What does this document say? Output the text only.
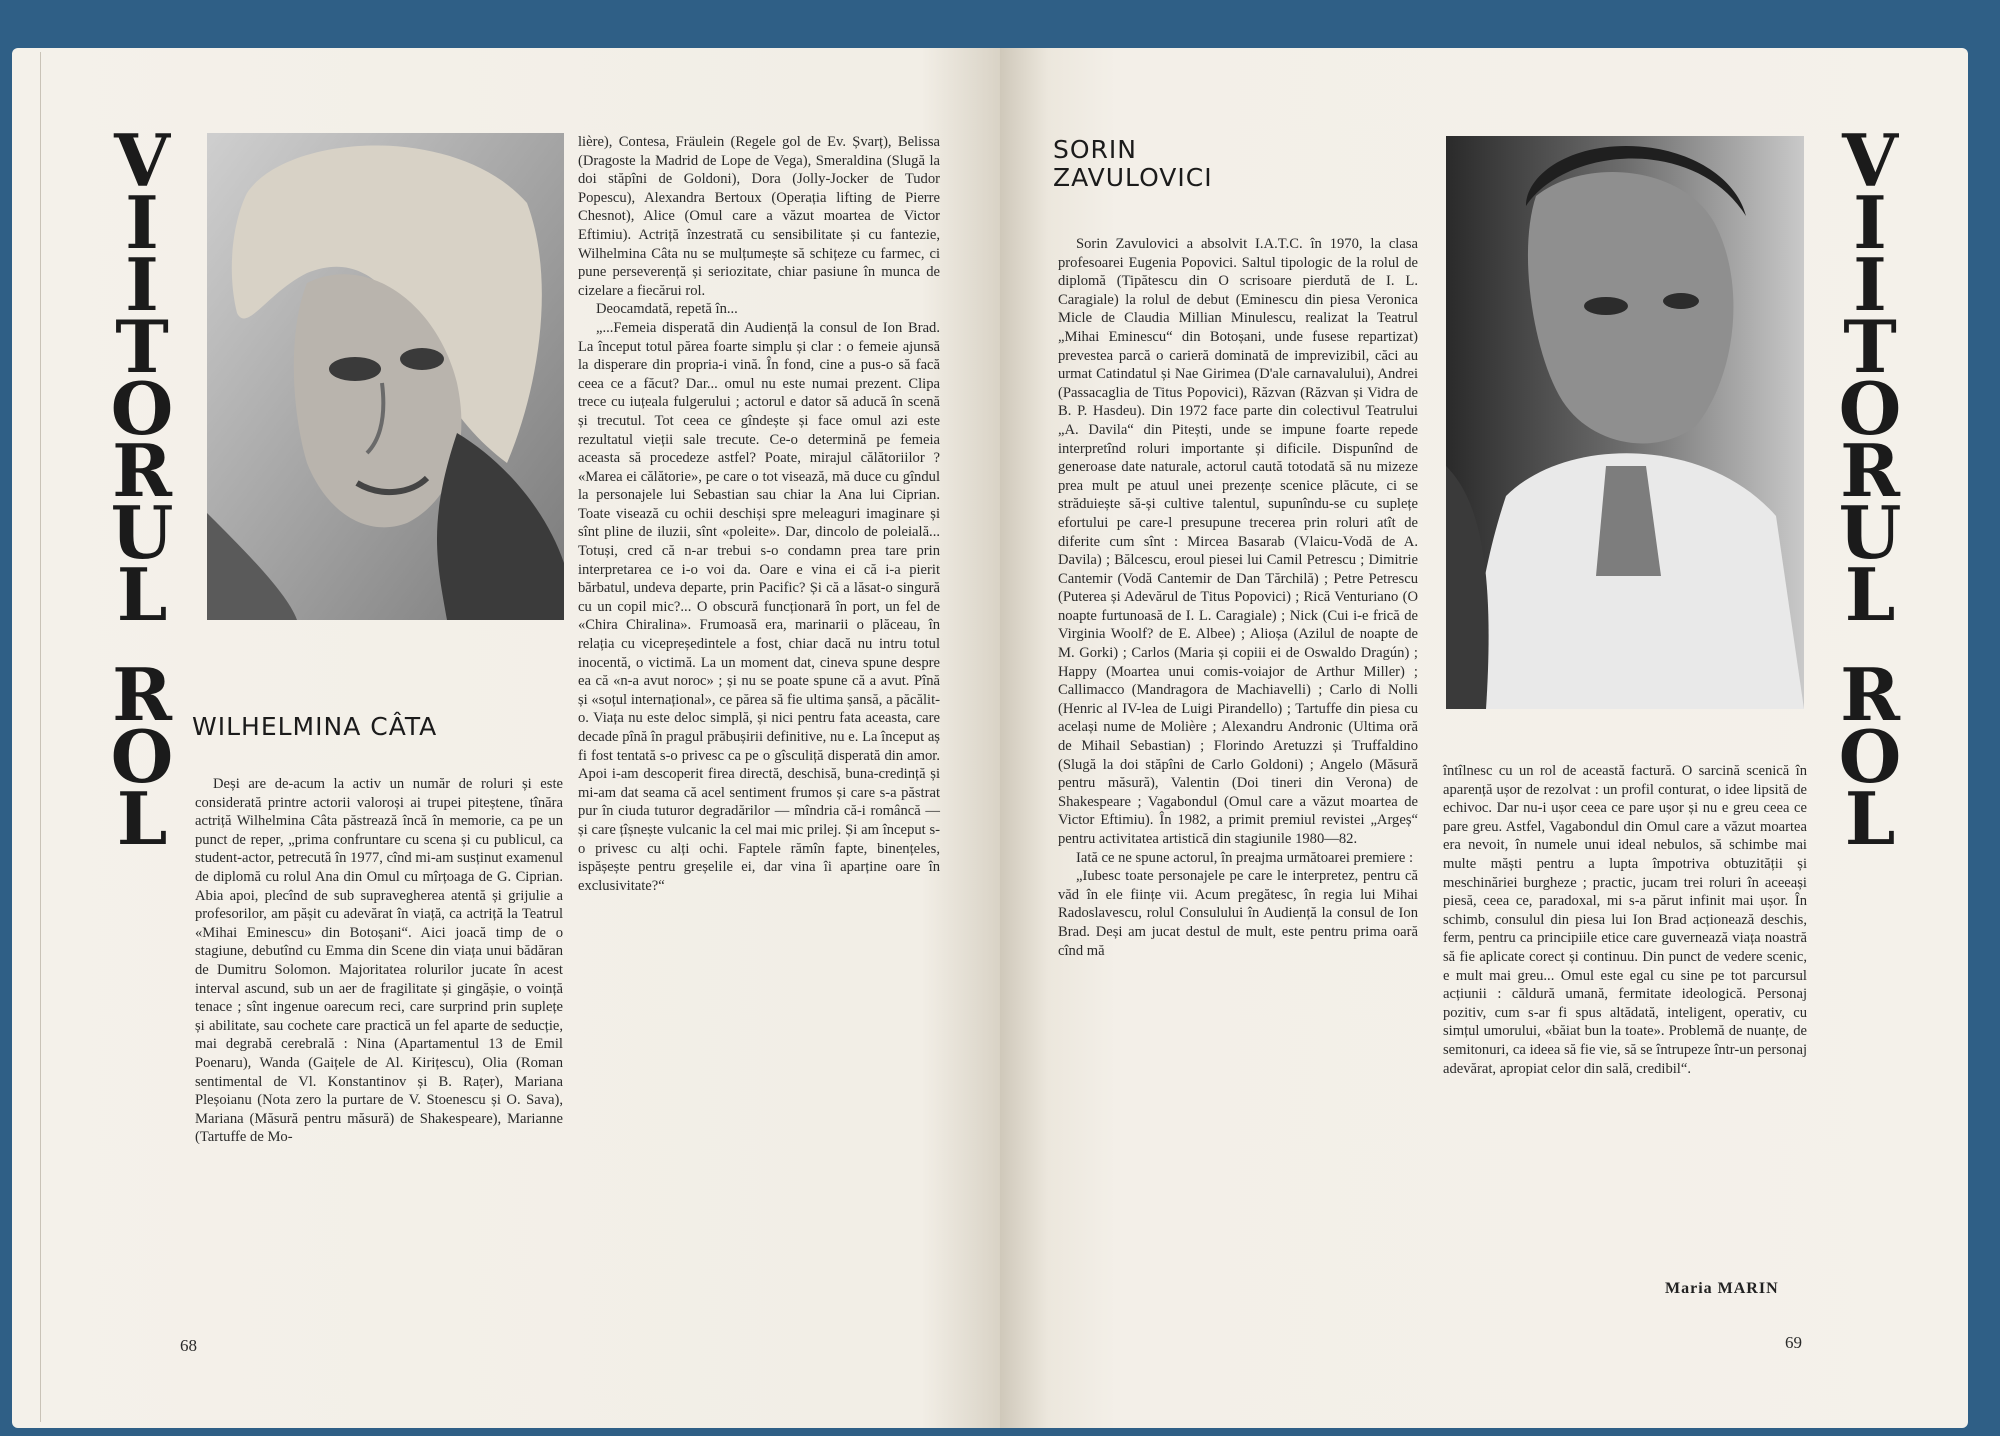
V
I
I
T
O
R
U
L
R
O
L
WILHELMINA CÂTA

Deși are de-acum la activ un număr de roluri și este considerată printre actorii valoroși ai trupei piteștene, tînăra actriță Wilhelmina Câta păstrează încă în memorie, ca pe un punct de reper, „prima confruntare cu scena și cu publicul, ca student-actor, petrecută în 1977, cînd mi-am susținut examenul de diplomă cu rolul Ana din Omul cu mîrțoaga de G. Ciprian. Abia apoi, plecînd de sub supravegherea atentă și grijulie a profesorilor, am pășit cu adevărat în viață, ca actriță la Teatrul «Mihai Eminescu» din Botoșani“. Aici joacă timp de o stagiune, debutînd cu Emma din Scene din viața unui bădăran de Dumitru Solomon. Majoritatea rolurilor jucate în acest interval ascund, sub un aer de fragilitate și gingășie, o voință tenace ; sînt ingenue oarecum reci, care surprind prin suplețe și abilitate, sau cochete care practică un fel aparte de seducție, mai degrabă cerebrală : Nina (Apartamentul 13 de Emil Poenaru), Wanda (Gaițele de Al. Kirițescu), Olia (Roman sentimental de Vl. Konstantinov și B. Rațer), Mariana Pleșoianu (Nota zero la purtare de V. Stoenescu și O. Sava), Mariana (Măsură pentru măsură) de Shakespeare), Marianne (Tartuffe de Mo-

lière), Contesa, Fräulein (Regele gol de Ev. Șvarț), Belissa (Dragoste la Madrid de Lope de Vega), Smeraldina (Slugă la doi stăpîni de Goldoni), Dora (Jolly-Jocker de Tudor Popescu), Alexandra Bertoux (Operația lifting de Pierre Chesnot), Alice (Omul care a văzut moartea de Victor Eftimiu). Actriță înzestrată cu sensibilitate și cu fantezie, Wilhelmina Câta nu se mulțumește să schițeze cu farmec, ci pune perseverență și seriozitate, chiar pasiune în munca de cizelare a fiecărui rol.

Deocamdată, repetă în...

„...Femeia disperată din Audiență la consul de Ion Brad. La început totul părea foarte simplu și clar : o femeie ajunsă la disperare din propria-i vină. În fond, cine a pus-o să facă ceea ce a făcut? Dar... omul nu este numai prezent. Clipa trece cu iuțeala fulgerului ; actorul e dator să aducă în scenă și trecutul. Tot ceea ce gîndește și face omul azi este rezultatul vieții sale trecute. Ce-o determină pe femeia aceasta să procedeze astfel? Poate, mirajul călătoriilor ? «Marea ei călătorie», pe care o tot visează, mă duce cu gîndul la personajele lui Sebastian sau chiar la Ana lui Ciprian. Toate visează cu ochii deschiși spre meleaguri imaginare și sînt pline de iluzii, sînt «poleite». Dar, dincolo de poleială... Totuși, cred că n-ar trebui s-o condamn prea tare prin interpretarea ce i-o voi da. Oare e vina ei că i-a pierit bărbatul, undeva departe, prin Pacific? Și că a lăsat-o singură cu un copil mic?... O obscură funcționară în port, un fel de «Chira Chiralina». Frumoasă era, marinarii o plăceau, în relația cu vicepreședintele a fost, chiar dacă nu intru totul inocentă, o victimă. La un moment dat, cineva spune despre ea că «n-a avut noroc» ; și nu se poate spune că a avut. Pînă și «soțul internațional», ce părea să fie ultima șansă, a păcălit-o. Viața nu este deloc simplă, și nici pentru fata aceasta, care decade pînă în pragul prăbușirii definitive, nu e. La început aș fi fost tentată s-o privesc ca pe o gîsculiță disperată din amor. Apoi i-am descoperit firea directă, deschisă, buna-credință și mi-am dat seama că acel sentiment frumos și care s-a păstrat pur în ciuda tuturor degradărilor — mîndria că-i româncă — și care țîșnește vulcanic la cel mai mic prilej. Și am început s-o privesc cu alți ochi. Faptele rămîn fapte, binențeles, ispășește pentru greșelile ei, dar vina îi aparține oare în exclusivitate?“

68
SORIN
ZAVULOVICI	V
I
I
T
O
R
U
L
R
O
L

Sorin Zavulovici a absolvit I.A.T.C. în 1970, la clasa profesoarei Eugenia Popovici. Saltul tipologic de la rolul de diplomă (Tipătescu din O scrisoare pierdută de I. L. Caragiale) la rolul de debut (Eminescu din piesa Veronica Micle de Claudia Millian Minulescu, realizat la Teatrul „Mihai Eminescu“ din Botoșani, unde fusese repartizat) prevestea parcă o carieră dominată de imprevizibil, căci au urmat Catindatul și Nae Girimea (D'ale carnavalului), Andrei (Passacaglia de Titus Popovici), Răzvan (Răzvan și Vidra de B. P. Hasdeu). Din 1972 face parte din colectivul Teatrului „A. Davila“ din Pitești, unde se impune foarte repede interpretînd roluri importante și dificile. Dispunînd de generoase date naturale, actorul caută totodată să nu mizeze prea mult pe atuul unei prezențe scenice plăcute, ci se străduiește să-și cultive talentul, supunîndu-se cu suplețe efortului pe care-l presupune trecerea prin roluri atît de diferite cum sînt : Mircea Basarab (Vlaicu-Vodă de A. Davila) ; Bălcescu, eroul piesei lui Camil Petrescu ; Dimitrie Cantemir (Vodă Cantemir de Dan Tărchilă) ; Petre Petrescu (Puterea și Adevărul de Titus Popovici) ; Rică Venturiano (O noapte furtunoasă de I. L. Caragiale) ; Nick (Cui i-e frică de Virginia Woolf? de E. Albee) ; Alioșa (Azilul de noapte de M. Gorki) ; Carlos (Maria și copiii ei de Oswaldo Dragún) ; Happy (Moartea unui comis-voiajor de Arthur Miller) ; Callimacco (Mandragora de Machiavelli) ; Carlo di Nolli (Henric al IV-lea de Luigi Pirandello) ; Tartuffe din piesa cu același nume de Molière ; Alexandru Andronic (Ultima oră de Mihail Sebastian) ; Florindo Aretuzzi și Truffaldino (Slugă la doi stăpîni de Carlo Goldoni) ; Angelo (Măsură pentru măsură), Valentin (Doi tineri din Verona) de Shakespeare ; Vagabondul (Omul care a văzut moartea de Victor Eftimiu). În 1982, a primit premiul revistei „Argeș“ pentru activitatea artistică din stagiunile 1980—82.

Iată ce ne spune actorul, în preajma următoarei premiere :

„Iubesc toate personajele pe care le interpretez, pentru că văd în ele ființe vii. Acum pregătesc, în regia lui Mihai Radoslavescu, rolul Consulului în Audiență la consul de Ion Brad. Deși am jucat destul de mult, este pentru prima oară cînd mă

întîlnesc cu un rol de această factură. O sarcină scenică în aparență ușor de rezolvat : un profil conturat, o idee lipsită de echivoc. Dar nu-i ușor ceea ce pare ușor și nu e greu ceea ce pare greu. Astfel, Vagabondul din Omul care a văzut moartea era nevoit, în numele unui ideal nebulos, să schimbe mai multe măști pentru a lupta împotriva obtuzității și meschinăriei burgheze ; practic, jucam trei roluri în aceeași piesă, ceea ce, paradoxal, mi s-a părut infinit mai ușor. În schimb, consulul din piesa lui Ion Brad acționează deschis, ferm, pentru ca principiile etice care guvernează viața noastră să fie aplicate corect și continuu. Din punct de vedere scenic, e mult mai greu... Omul este egal cu sine pe tot parcursul acțiunii : căldură umană, fermitate ideologică. Personaj pozitiv, cum s-ar fi spus altădată, inteligent, operativ, cu simțul umorului, «băiat bun la toate». Problemă de nuanțe, de semitonuri, ca ideea să fie vie, să se întrupeze într-un personaj adevărat, apropiat celor din sală, credibil“.

Maria MARIN
69
